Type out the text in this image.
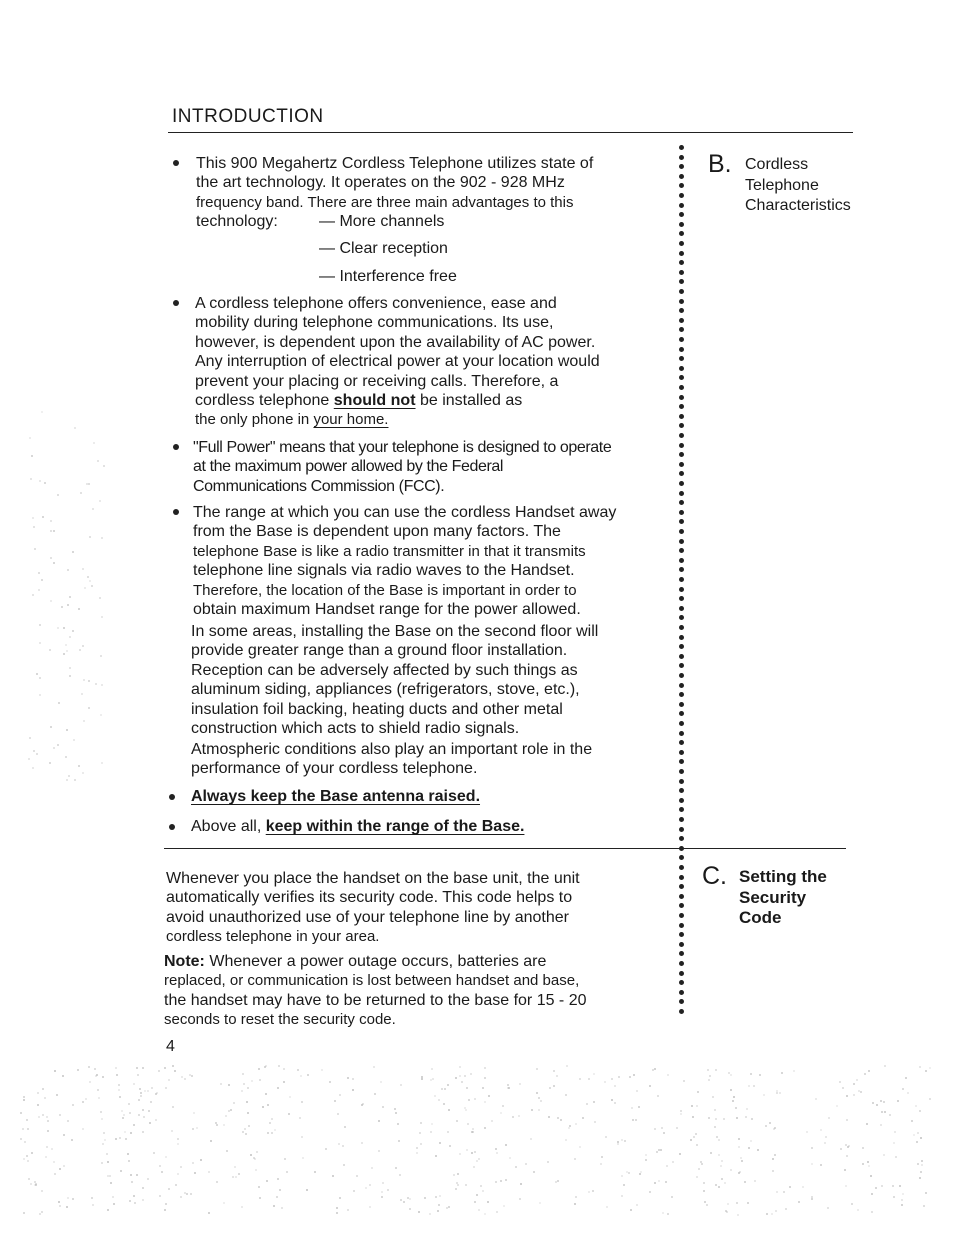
INTRODUCTION
B. Cordless
Telephone
Characteristics
This 900 Megahertz Cordless Telephone utilizes state of
the art technology. It operates on the 902 - 928 MHz
frequency band. There are three main advantages to this
technology:	— More channels
— Clear reception
— Interference free
A cordless telephone offers convenience, ease and
mobility during telephone communications. Its use,
however, is dependent upon the availability of AC power.
Any interruption of electrical power at your location would
prevent your placing or receiving calls. Therefore, a
cordless telephone should not be installed as
the only phone in your home.
"Full Power" means that your telephone is designed to operate
at the maximum power allowed by the Federal
Communications Commission (FCC).
The range at which you can use the cordless Handset away
from the Base is dependent upon many factors. The
telephone Base is like a radio transmitter in that it transmits
telephone line signals via radio waves to the Handset.
Therefore, the location of the Base is important in order to
obtain maximum Handset range for the power allowed.
In some areas, installing the Base on the second floor will
provide greater range than a ground floor installation.
Reception can be adversely affected by such things as
aluminum siding, appliances (refrigerators, stove, etc.),
insulation foil backing, heating ducts and other metal
construction which acts to shield radio signals.
Atmospheric conditions also play an important role in the
performance of your cordless telephone.
Always keep the Base antenna raised.
Above all, keep within the range of the Base.
C. Setting the
Security
Code
Whenever you place the handset on the base unit, the unit
automatically verifies its security code. This code helps to
avoid unauthorized use of your telephone line by another
cordless telephone in your area.
Note: Whenever a power outage occurs, batteries are
replaced, or communication is lost between handset and base,
the handset may have to be returned to the base for 15 - 20
seconds to reset the security code.
4
